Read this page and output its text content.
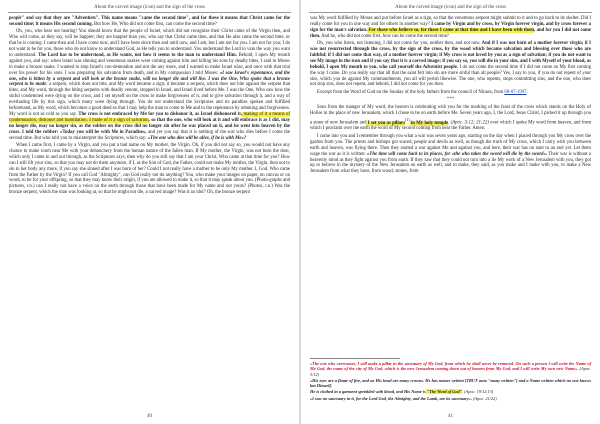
About the carved image (icon) and the sign of the cross

people" and say that they are "Adventists". This name means "came the second time", and for these it means that Christ came for the second time; it means His second coming. But how He, Who did not come first, can come the second time?

Oh, you, who hear not hearing! You should know that the people of Israel, which did not recognize their Christ came of the Virgin then, and Who will come, as they say, will be happier; they are happier than you, who say that Christ came then, and that He also came the second time, or that he is coming. I came then and I have come now, and I have been since then and until now, and I am, but I am not for you. I am not for you; I do not want to be for you, those who do not know to understand God, as He tells you to understand. You understand the Lord in vain the way you want to understand. The Lord has to be understood, as He wants, not how it seems to the man to understand Him. Behold, I open My mouth against you, and say: when Israel was sinning and venomous snakes were coming against him and killing his sons by deadly bites, I said to Moses to make a bronze snake. I wanted to stop Israel's con-demnation and not die any more, and I wanted to make Israel wise, and once with that trial over his power for his sons. I was preparing his salvation from death, and in My compassion I told Moses: «I saw Israel's repentance, and the one, who is bitten by a serpent and will look at the bronze snake, will no longer die and will live. I was the One, Who spoke that a bronze serpent to be made; a serpent, which does not bite, and My word became a sign; it became a serpent, which does not bite against the serpent that bites, and My word, through the biting serpents with deadly venom, stopped in Israel, and Israel lived before Me. I was the One, Who saw how the sinful condemned were dying on the cross, and I set myself on the cross to make forgiveness of it, and to give salvation through it, and a way of everlasting life by this sign, which many were dying through. You do not understand the Scriptures and its parables spoken and fulfilled beforehand, as My word, which becomes a good deed so that I may help the man to come to Me and to the repentance by rebuking and forgiveness. My word is not as cold as you say. The cross is not embraced by Me for you to dishonor it, as Israel dishonored it, making of it a means of condemnation, dishonor and humiliation. I made of it a sign of salvation, so that the one, who will look at it and will embrace it as I did, may no longer die, may no longer sin, as the robber on the cross did no longer sin after he was placed on it, and he went into heaven by the cross. I told the robber: «Today you will be with Me in Paradise», and yet you say that it is nothing of the sort who dies before I come the second time. But who told you to misinterpret the Scriptures, which say: «The one who dies will be alive, if he is with Me»?

When I came first, I came by a Virgin, and you put a bad name on My mother, the Virgin. Oh, if you did not say so, you would not have any chance to make room near Me with your debauchery from the human nature of the fallen man. If My mother, the Virgin, was not born the door, which only I came in and out through, as the Scriptures says, then why do you still say that I am your Christ, Who came at that time for you? How can I still lift your sins, so that you may not do them anymore, if I, as the Son of God, the Father, could not make My mother, the Virgin, then not to sin in her body any more, if you say she sinned after I was born of her? Could I not really have a mother to be only My mother. I, God, Who came from the Father by the Virgin? If you call God "Almighty", can God really not do anything? You, who make your images on paper, on canvas or on wood, to be for your offspring, so that they may know their origin, if you are allowed to make it, so that it may speak about you. (Photo-graphs and pictures, r.n.) can I really not have a voice on the earth through those that have been made for My name and not yours? (Photos, r.n.) Was the bronze serpent, which the man was looking at, so that he might not die, a carved image? Was it an idol? Oh, the bronze serpent

40
About the carved image (icon) and the sign of the cross

was My word fulfilled by Moses and put before Israel as a sign, so that the venomous serpent might submit to it and to go back to its shelter. Did I really come for you in one way and for others in another way? I came by Virgin and by cross, by Virgin forever virgin, and by cross forever a sign for the man's salvation. For those who believe so, for those I came at that time and I have been with them, and for you I did not come then. And he, who did not come first, how can he come the second time?

Oh, you who listen, not listening, I did not come for you, neither then, and not now. And if I was not born of a mother forever virgin; if I was not resurrected through the cross, by the sign of the cross, by the wood which became salvation and blessing over those who are faithful; if I did not come that way, of a mother forever virgin; if My cross is not loved by you as a sign of salvation; if you do not want to see My image in the icon and if you say that it is a carved image; if you say so, you will die in your sins, and I with Myself of your blood, as behold, I open My mouth to you, who call yourself the Adventist people. I do not come the second time if I did not come on My first coming the way I came. Do you really say that all that the saint felt into sin are more sinful than all people? Yes, I say to you, if you do not repent of your sins, which you do against My commandments, you all will perish likewise. The one, who repents, stops committing sins, and the one, who does not stop sins, does not repent, and behold, I did not come for you then.

Excerpt from the Word of God on the Sunday of the holy fathers from the council of Nicaea, from 08-07-1997.

***

Sons from the manger of My word, the heaven is celebrating with you for the marking of the feast of the cross which stands on the Holy of Holies in the place of new Jerusalem, which I chose to be on earth before Me. Seven years ago, I, the Lord, Jesus Christ, I picked it up through you a stone of new Jerusalem and I set you as pillars$^{(1)}$ in My holy temple. (Apoc. 3:12; 21:22) over which I spoke My word from heaven, and from which I proclaim over the earth the word of My second coming from near the Father. Amen.

I come into you and I remember through you what a war was seven years ago, starting on the day when I placed through you My cross over the garden from you. The priests and bishops got scared, people and devils as well, as though the truth of My cross, which I carry with you between earth and heaven, was flying there. Then they started a war against Me and against you, and here, their war has no start to an end yet. Let them wage the war as it is written: «The time will come back to its places, for «the who takes the sword will die by the sword». Their war is without a heavenly mind as they fight against you from earth. If they saw that they could not turn into a lie My work of a New Jerusalem with you, they got up to believe in the mystery of the New Jerusalem on earth as well, and to make, they said, as you make and I make with you, to make a New Jerusalem from what they have, from wood, stones, from

«The one who overcomes, I will make a pillar in the sanctuary of My God, from which he shall never be removed. On such a person I will write the Name of My God, the name of the city of My God, which is the new Jerusalem coming down out of heaven from My God, and I will write My own new Name». (Apoc. 3/12)

«His eyes are a flame of fire, and on His head are many crowns. He has names written [TRUT unto "many written"] and a Name written which no one knows but Himself.

He is clothed in a garment sprinkled with blood, and His Name is "The Word of God". (Apoc. 19/12,13)

«I saw no sanctuary in it, for the Lord God, the Almighty, and the Lamb, are its sanctuary». (Apoc. 21/22)

41
